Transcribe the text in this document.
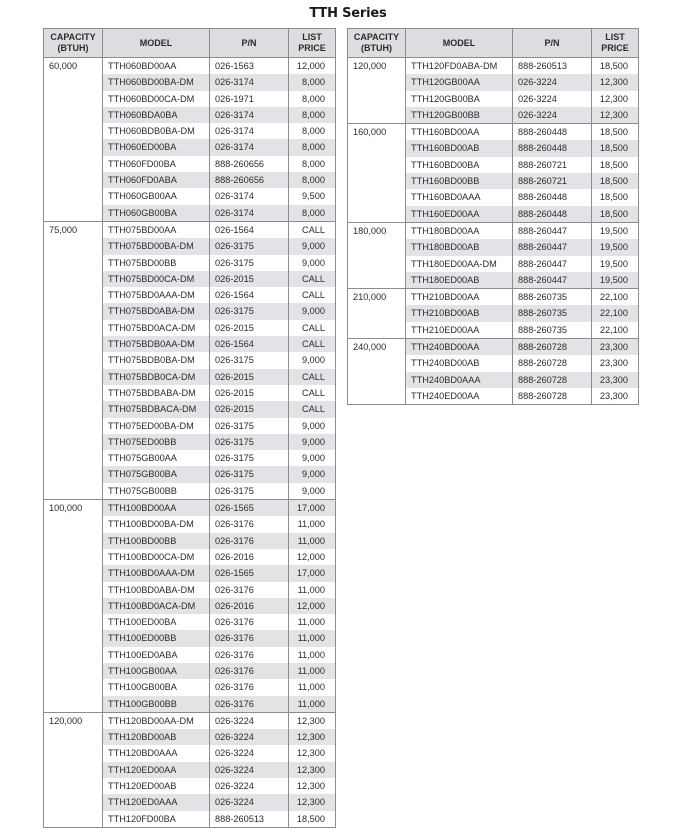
TTH Series
CAPACITY
(BTUH)	MODEL	P/N	LIST
PRICE
60,000	TTH060BD00AA	026-1563	12,000
	TTH060BD00BA-DM	026-3174	8,000
	TTH060BD00CA-DM	026-1971	8,000
	TTH060BDA0BA	026-3174	8,000
	TTH060BDB0BA-DM	026-3174	8,000
	TTH060ED00BA	026-3174	8,000
	TTH060FD00BA	888-260656	8,000
	TTH060FD0ABA	888-260656	8,000
	TTH060GB00AA	026-3174	9,500
	TTH060GB00BA	026-3174	8,000
75,000	TTH075BD00AA	026-1564	CALL
	TTH075BD00BA-DM	026-3175	9,000
	TTH075BD00BB	026-3175	9,000
	TTH075BD00CA-DM	026-2015	CALL
	TTH075BD0AAA-DM	026-1564	CALL
	TTH075BD0ABA-DM	026-3175	9,000
	TTH075BD0ACA-DM	026-2015	CALL
	TTH075BDB0AA-DM	026-1564	CALL
	TTH075BDB0BA-DM	026-3175	9,000
	TTH075BDB0CA-DM	026-2015	CALL
	TTH075BDBABA-DM	026-2015	CALL
	TTH075BDBACA-DM	026-2015	CALL
	TTH075ED00BA-DM	026-3175	9,000
	TTH075ED00BB	026-3175	9,000
	TTH075GB00AA	026-3175	9,000
	TTH075GB00BA	026-3175	9,000
	TTH075GB00BB	026-3175	9,000
100,000	TTH100BD00AA	026-1565	17,000
	TTH100BD00BA-DM	026-3176	11,000
	TTH100BD00BB	026-3176	11,000
	TTH100BD00CA-DM	026-2016	12,000
	TTH100BD0AAA-DM	026-1565	17,000
	TTH100BD0ABA-DM	026-3176	11,000
	TTH100BD0ACA-DM	026-2016	12,000
	TTH100ED00BA	026-3176	11,000
	TTH100ED00BB	026-3176	11,000
	TTH100ED0ABA	026-3176	11,000
	TTH100GB00AA	026-3176	11,000
	TTH100GB00BA	026-3176	11,000
	TTH100GB00BB	026-3176	11,000
120,000	TTH120BD00AA-DM	026-3224	12,300
	TTH120BD00AB	026-3224	12,300
	TTH120BD0AAA	026-3224	12,300
	TTH120ED00AA	026-3224	12,300
	TTH120ED00AB	026-3224	12,300
	TTH120ED0AAA	026-3224	12,300
	TTH120FD00BA	888-260513	18,500
CAPACITY
(BTUH)	MODEL	P/N	LIST
PRICE
120,000	TTH120FD0ABA-DM	888-260513	18,500
	TTH120GB00AA	026-3224	12,300
	TTH120GB00BA	026-3224	12,300
	TTH120GB00BB	026-3224	12,300
160,000	TTH160BD00AA	888-260448	18,500
	TTH160BD00AB	888-260448	18,500
	TTH160BD00BA	888-260721	18,500
	TTH160BD00BB	888-260721	18,500
	TTH160BD0AAA	888-260448	18,500
	TTH160ED00AA	888-260448	18,500
180,000	TTH180BD00AA	888-260447	19,500
	TTH180BD00AB	888-260447	19,500
	TTH180ED00AA-DM	888-260447	19,500
	TTH180ED00AB	888-260447	19,500
210,000	TTH210BD00AA	888-260735	22,100
	TTH210BD00AB	888-260735	22,100
	TTH210ED00AA	888-260735	22,100
240,000	TTH240BD00AA	888-260728	23,300
	TTH240BD00AB	888-260728	23,300
	TTH240BD0AAA	888-260728	23,300
	TTH240ED00AA	888-260728	23,300
